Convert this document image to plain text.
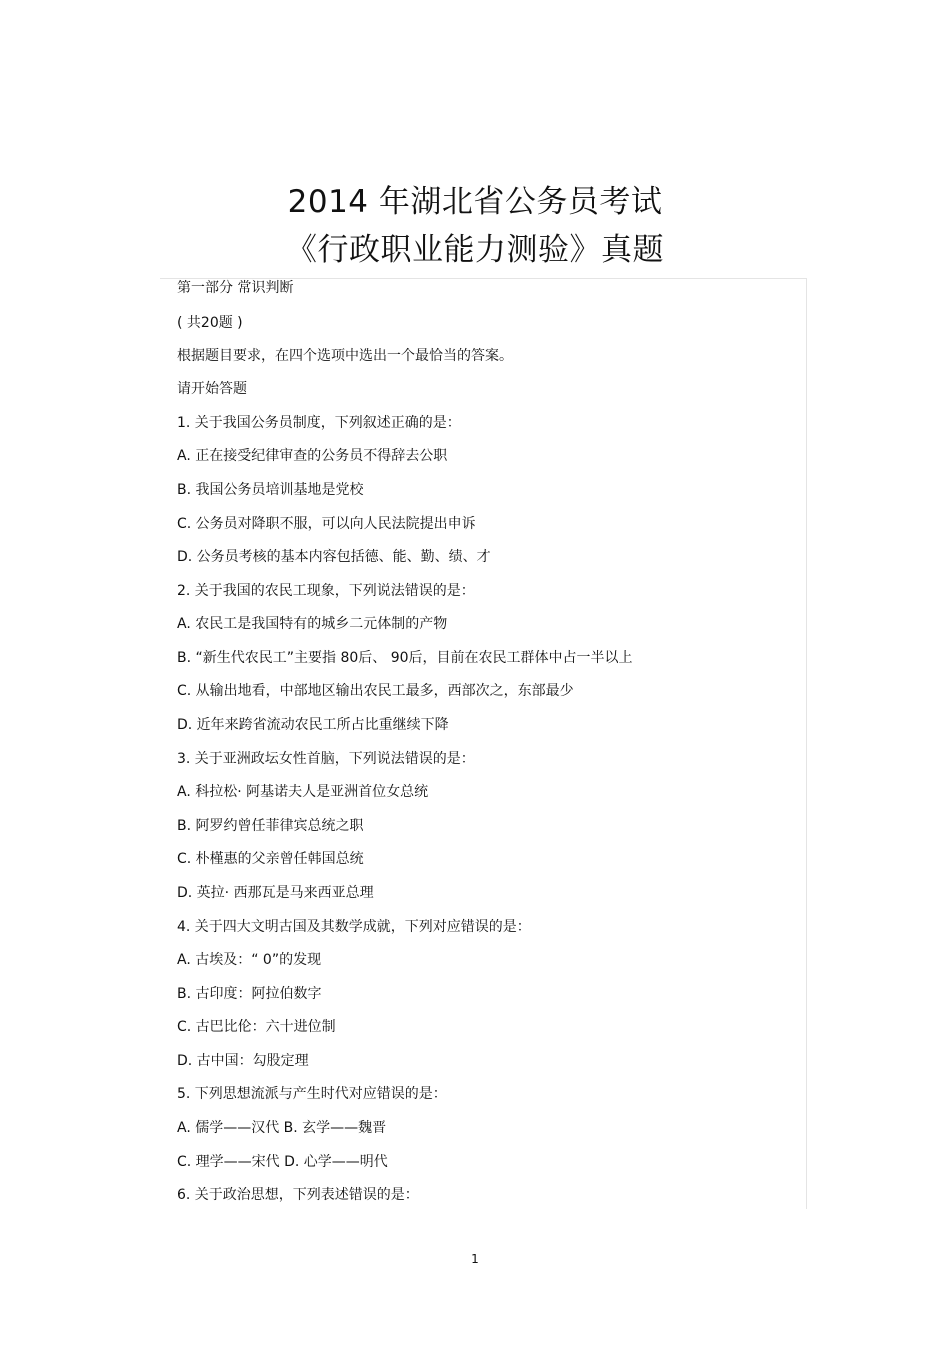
2014 年湖北省公务员考试
《行政职业能力测验》真题
第一部分 常识判断
( 共20题 )
根据题目要求，在四个选项中选出一个最恰当的答案。
请开始答题
1. 关于我国公务员制度，下列叙述正确的是：
A. 正在接受纪律审查的公务员不得辞去公职
B. 我国公务员培训基地是党校
C. 公务员对降职不服，可以向人民法院提出申诉
D. 公务员考核的基本内容包括德、能、勤、绩、才
2. 关于我国的农民工现象，下列说法错误的是：
A. 农民工是我国特有的城乡二元体制的产物
B. “新生代农民工”主要指 80后、 90后，目前在农民工群体中占一半以上
C. 从输出地看，中部地区输出农民工最多，西部次之，东部最少
D. 近年来跨省流动农民工所占比重继续下降
3. 关于亚洲政坛女性首脑，下列说法错误的是：
A. 科拉松· 阿基诺夫人是亚洲首位女总统
B. 阿罗约曾任菲律宾总统之职
C. 朴槿惠的父亲曾任韩国总统
D. 英拉· 西那瓦是马来西亚总理
4. 关于四大文明古国及其数学成就，下列对应错误的是：
A. 古埃及：“ 0”的发现
B. 古印度：阿拉伯数字
C. 古巴比伦：六十进位制
D. 古中国：勾股定理
5. 下列思想流派与产生时代对应错误的是：
A. 儒学——汉代 B. 玄学——魏晋
C. 理学——宋代 D. 心学——明代
6. 关于政治思想，下列表述错误的是：
1
